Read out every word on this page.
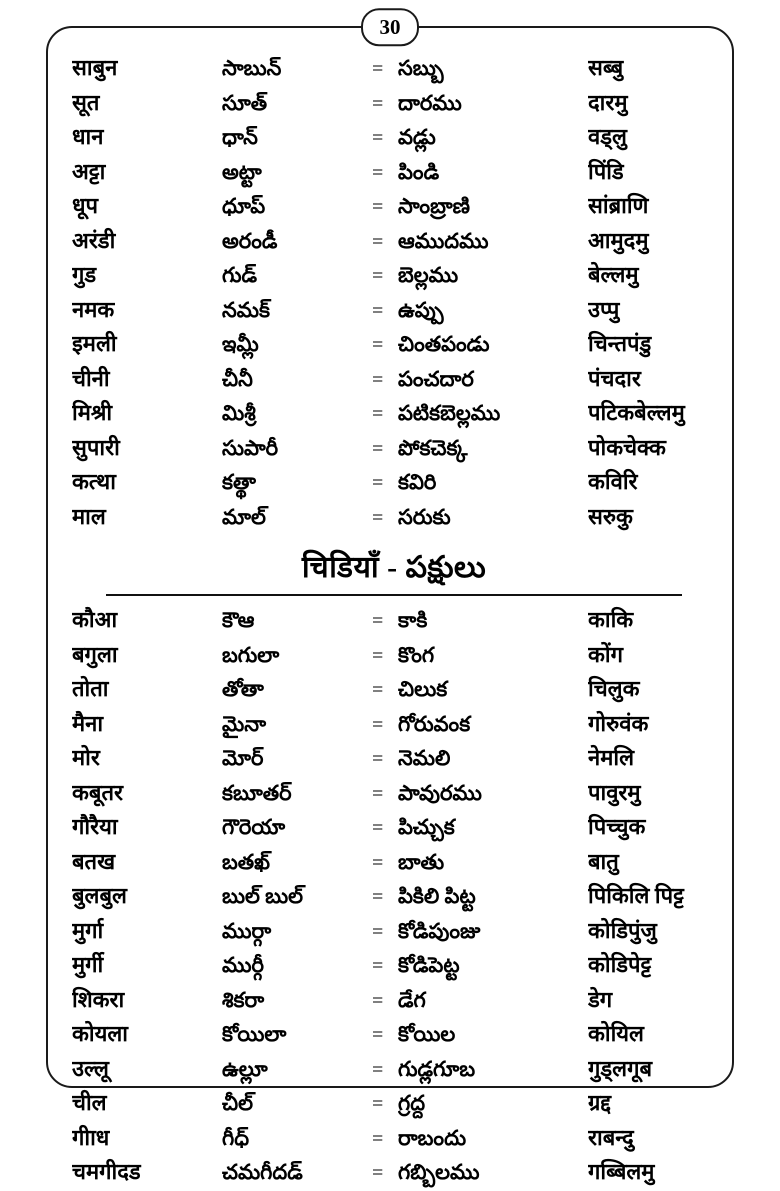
30
साबुन	సాబున్	=	సబ్బు	सब्बु
सूत	సూత్	=	దారము	दारमु
धान	ధాన్	=	వడ్లు	वड्लु
अट्टा	అట్టా	=	పిండి	पिंडि
धूप	ధూప్	=	సాంబ్రాణి	सांब्राणि
अरंडी	అరండీ	=	ఆముదము	आमुदमु
गुड	గుడ్	=	బెల్లము	बेल्लमु
नमक	నమక్	=	ఉప్పు	उप्पु
इमली	ఇమ్లీ	=	చింతపండు	चिन्तपंडु
चीनी	చీనీ	=	పంచదార	पंचदार
मिश्री	మిశ్రీ	=	పటికబెల్లము	पटिकबेल्लमु
सुपारी	సుపారీ	=	పోకచెక్క	पोकचेक्क
कत्था	కత్థా	=	కవిరి	कविरि
माल	మాల్	=	సరుకు	सरुकु
चिडियाँ - పక్షులు
कौआ	కౌఆ	=	కాకి	काकि
बगुला	బగులా	=	కొంగ	कोंग
तोता	తోతా	=	చిలుక	चिलुक
मैना	మైనా	=	గోరువంక	गोरुवंक
मोर	మోర్	=	నెమలి	नेमलि
कबूतर	కబూతర్	=	పావురము	पावुरमु
गौरैया	గౌరెయా	=	పిచ్చుక	पिच्चुक
बतख	బతఖ్	=	బాతు	बातु
बुलबुल	బుల్ బుల్	=	పికిలి పిట్ట	पिकिलि पिट्ट
मुर्गा	ముర్గా	=	కోడిపుంజు	कोडिपुंजु
मुर्गी	ముర్గీ	=	కోడిపెట్ట	कोडिपेट्ट
शिकरा	శికరా	=	డేగ	डेग
कोयला	కోయిలా	=	కోయిల	कोयिल
उल्लू	ఉల్లూ	=	గుడ్లగూబ	गुड्लगूब
चील	చీల్	=	గ్రద్ద	ग्रद्द
गीाध	గీధ్	=	రాబందు	राबन्दु
चमगीदड	చమగీదడ్	=	గబ్బిలము	गब्बिलमु
